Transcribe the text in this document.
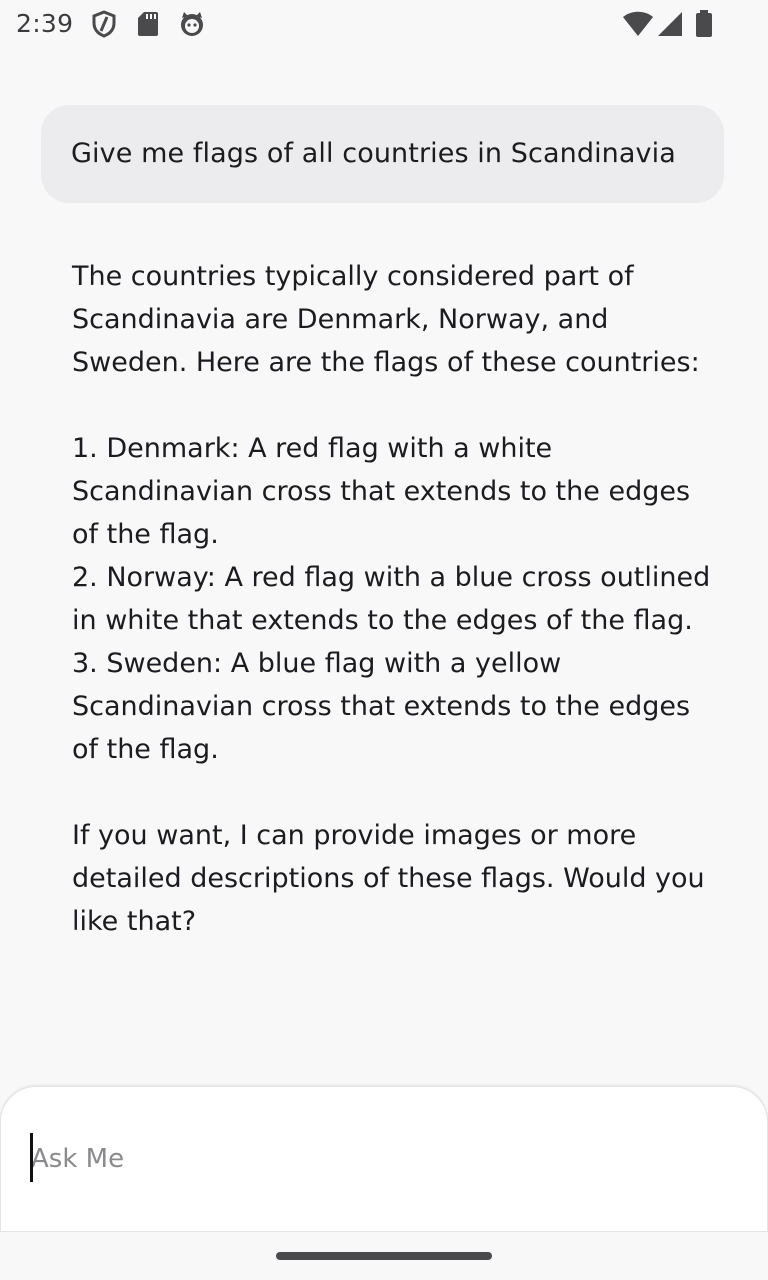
2:39
Give me flags of all countries in Scandinavia

The countries typically considered part of Scandinavia are Denmark, Norway, and Sweden. Here are the flags of these countries:

1. Denmark: A red flag with a white Scandinavian cross that extends to the edges of the flag.

2. Norway: A red flag with a blue cross outlined in white that extends to the edges of the flag.

3. Sweden: A blue flag with a yellow Scandinavian cross that extends to the edges of the flag.

If you want, I can provide images or more detailed descriptions of these flags. Would you like that?

Ask Me
